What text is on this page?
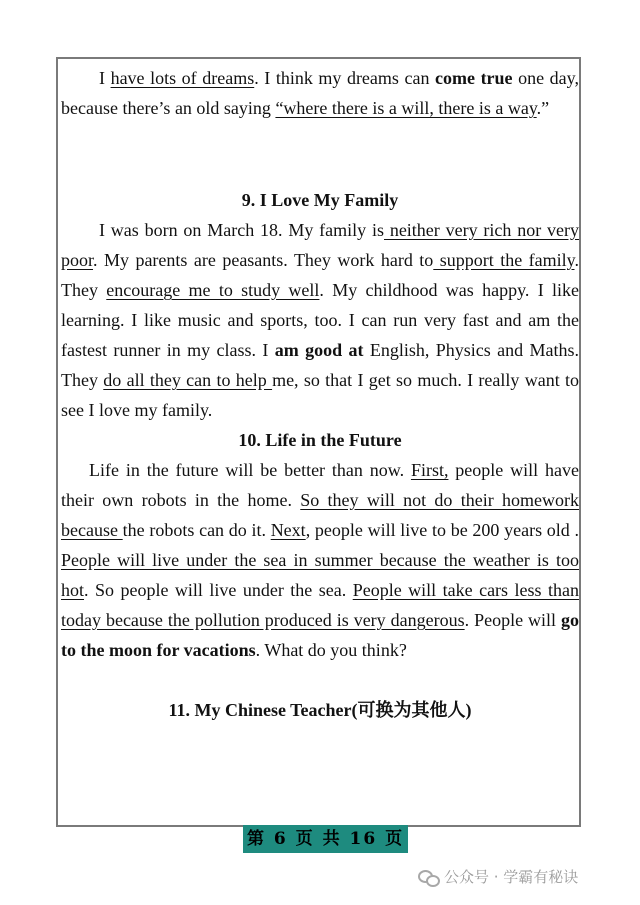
I have lots of dreams. I think my dreams can come true one day, because there’s an old saying “where there is a will, there is a way.”

9. I Love My Family

I was born on March 18. My family is neither very rich nor very poor. My parents are peasants. They work hard to support the family. They encourage me to study well. My childhood was happy. I like learning. I like music and sports, too. I can run very fast and am the fastest runner in my class. I am good at English, Physics and Maths. They do all they can to help me, so that I get so much. I really want to see I love my family.

10. Life in the Future

Life in the future will be better than now. First, people will have their own robots in the home. So they will not do their homework because the robots can do it. Next, people will live to be 200 years old . People will live under the sea in summer because the weather is too hot. So people will live under the sea. People will take cars less than today because the pollution produced is very dangerous. People will go to the moon for vacations. What do you think?

11. My Chinese Teacher(可换为其他人)

第 6 页 共 16 页
公众号 · 学霸有秘诀
